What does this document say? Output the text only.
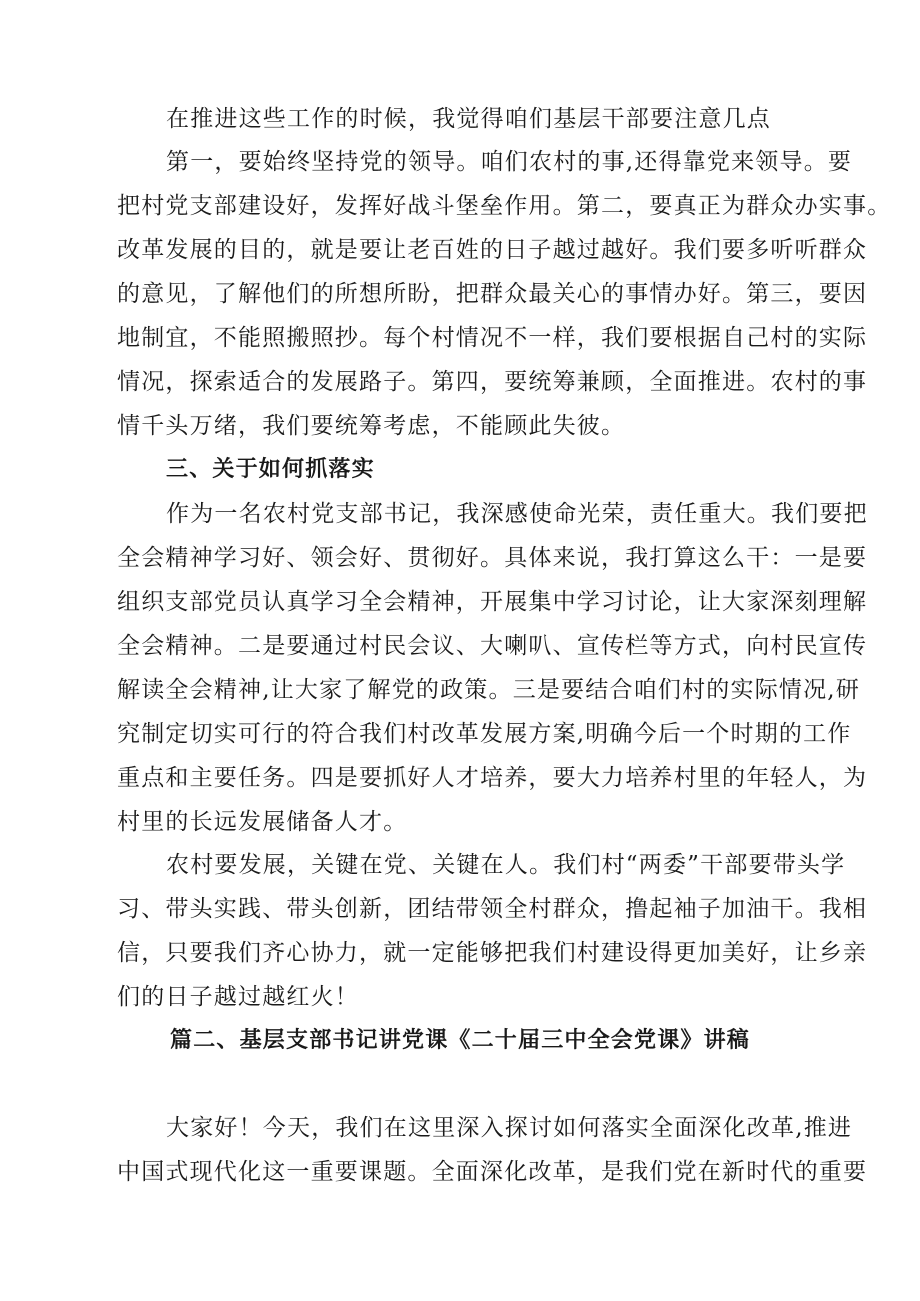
在推进这些工作的时候，我觉得咱们基层干部要注意几点
第一，要始终坚持党的领导。咱们农村的事,还得靠党来领导。要
把村党支部建设好，发挥好战斗堡垒作用。第二，要真正为群众办实事。
改革发展的目的，就是要让老百姓的日子越过越好。我们要多听听群众
的意见，了解他们的所想所盼，把群众最关心的事情办好。第三，要因
地制宜，不能照搬照抄。每个村情况不一样，我们要根据自己村的实际
情况，探索适合的发展路子。第四，要统筹兼顾，全面推进。农村的事
情千头万绪，我们要统筹考虑，不能顾此失彼。
三、关于如何抓落实
作为一名农村党支部书记，我深感使命光荣，责任重大。我们要把
全会精神学习好、领会好、贯彻好。具体来说，我打算这么干：一是要
组织支部党员认真学习全会精神，开展集中学习讨论，让大家深刻理解
全会精神。二是要通过村民会议、大喇叭、宣传栏等方式，向村民宣传
解读全会精神,让大家了解党的政策。三是要结合咱们村的实际情况,研
究制定切实可行的符合我们村改革发展方案,明确今后一个时期的工作
重点和主要任务。四是要抓好人才培养，要大力培养村里的年轻人，为
村里的长远发展储备人才。
农村要发展，关键在党、关键在人。我们村“两委”干部要带头学
习、带头实践、带头创新，团结带领全村群众，撸起袖子加油干。我相
信，只要我们齐心协力，就一定能够把我们村建设得更加美好，让乡亲
们的日子越过越红火！
篇二、基层支部书记讲党课《二十届三中全会党课》讲稿
大家好！今天，我们在这里深入探讨如何落实全面深化改革,推进
中国式现代化这一重要课题。全面深化改革，是我们党在新时代的重要
